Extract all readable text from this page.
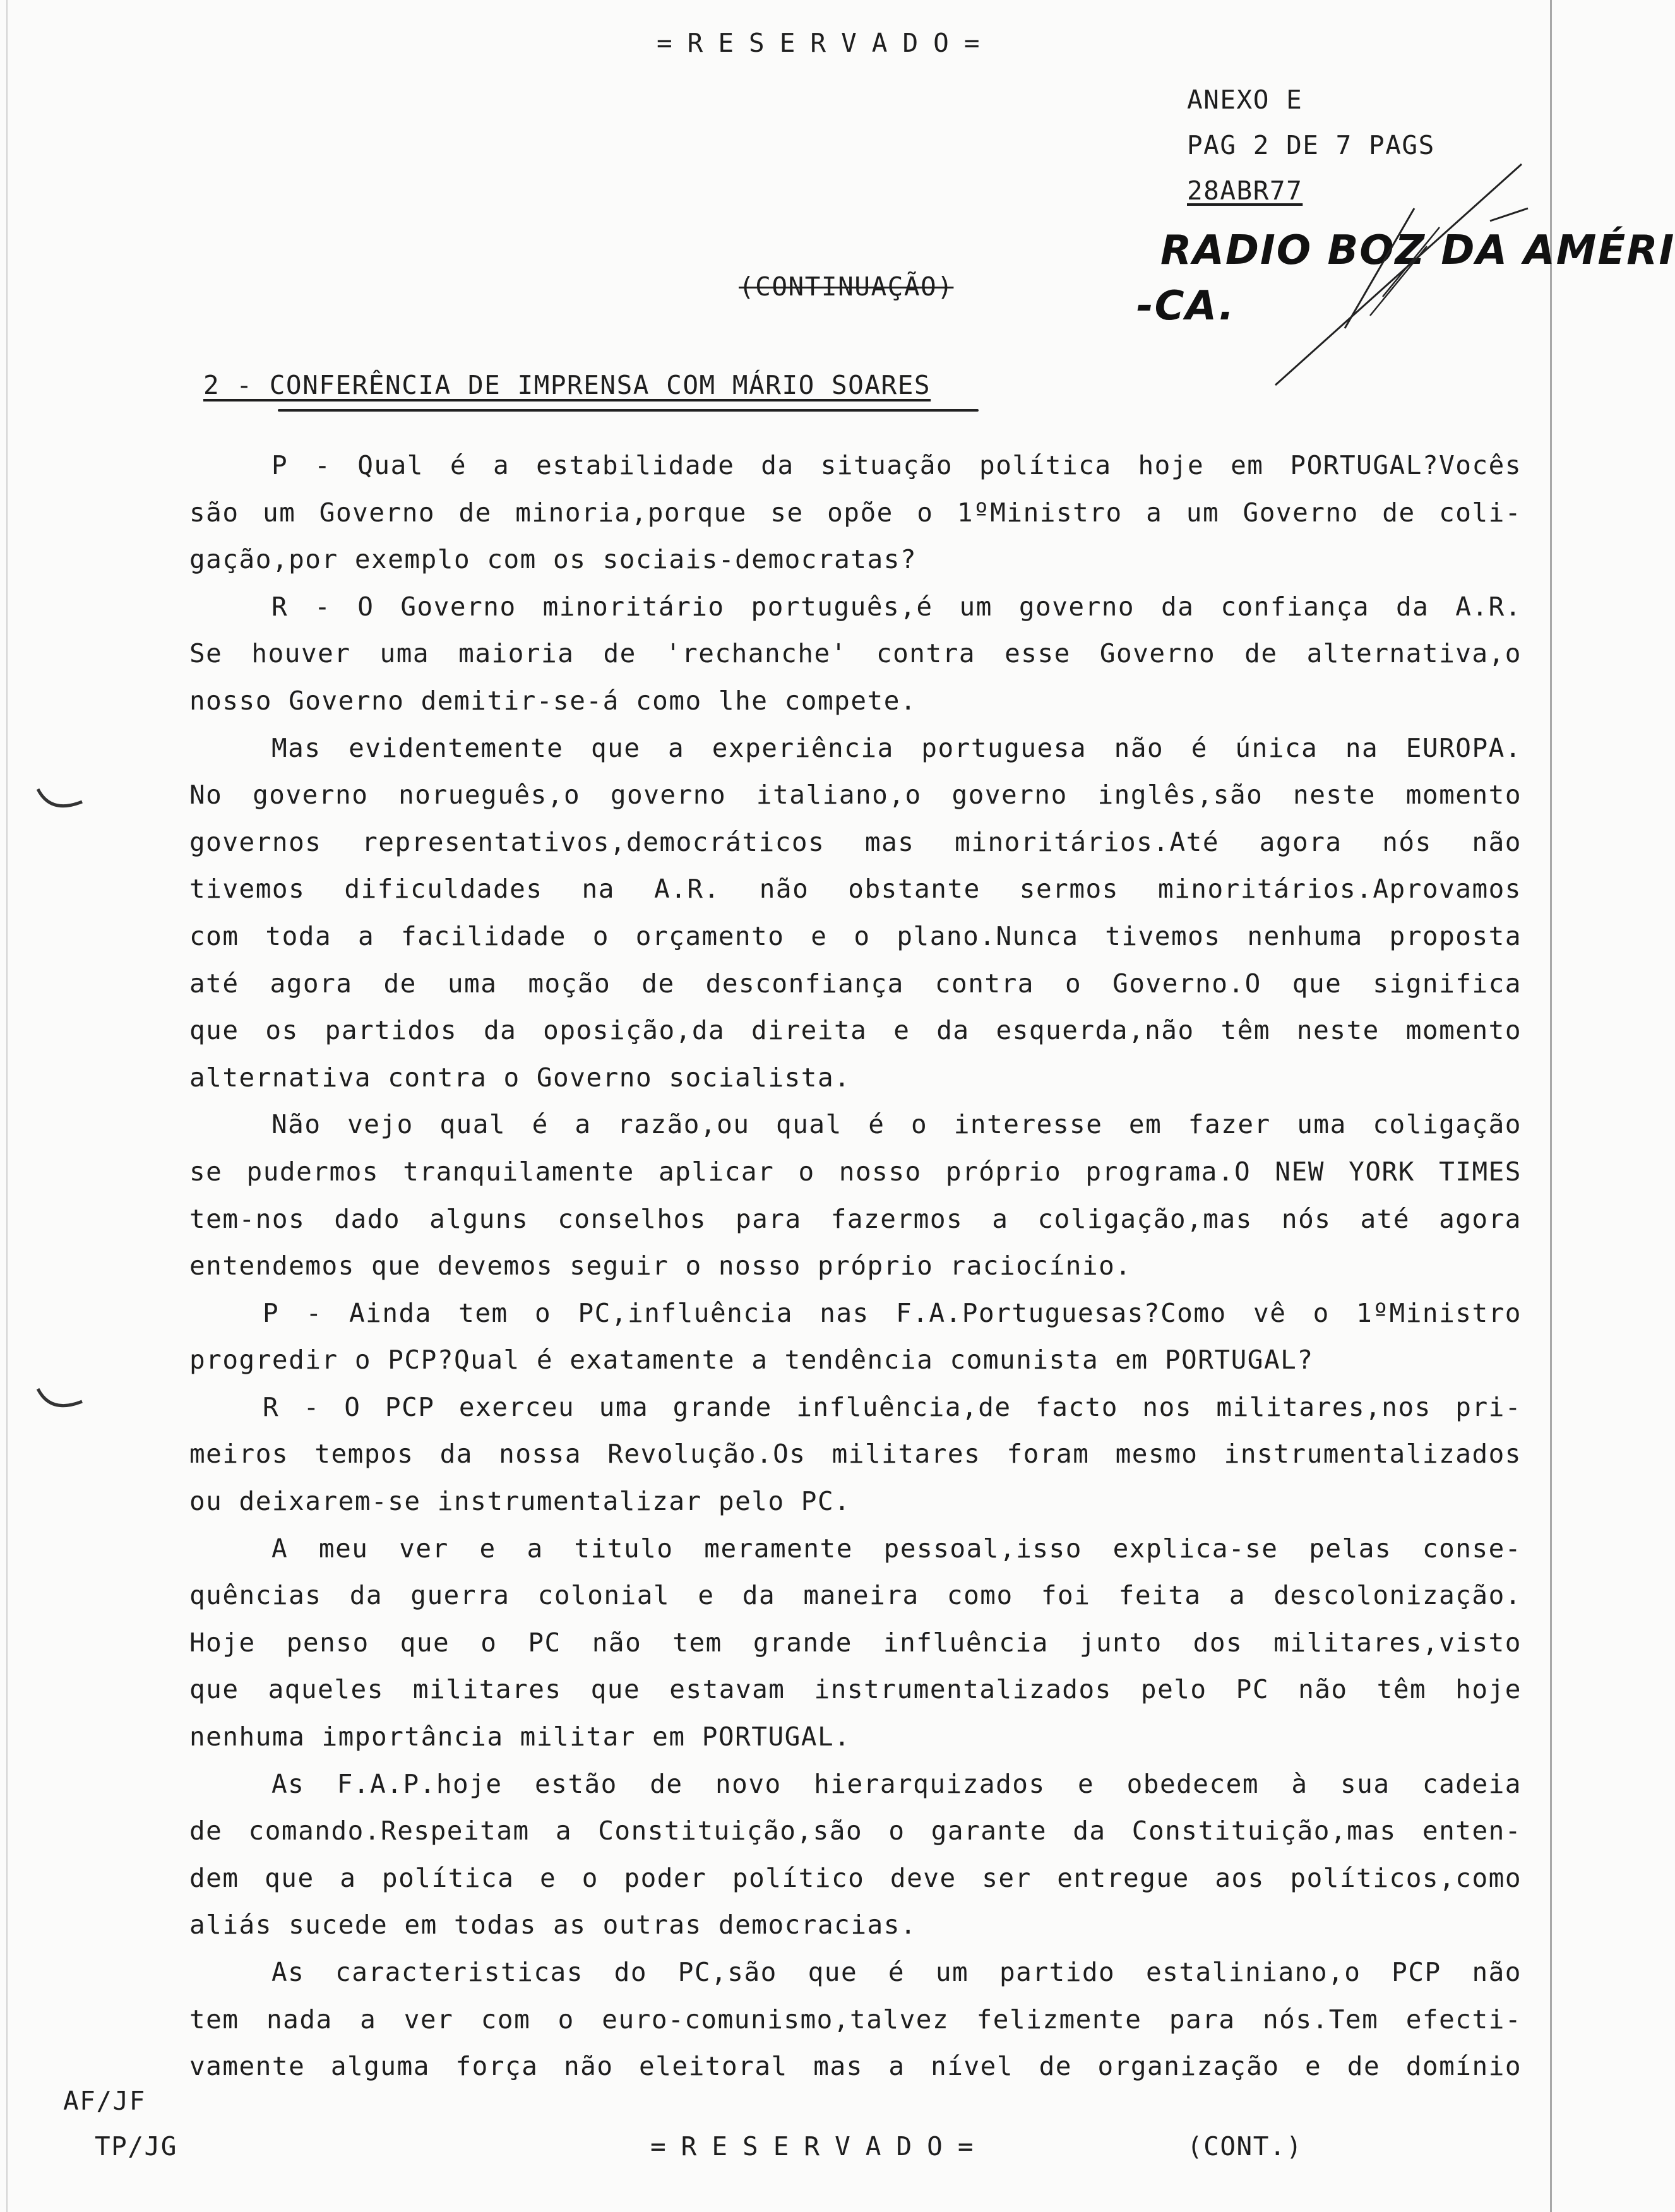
=RESERVADO=
ANEXO E
PAG 2 DE 7 PAGS
28ABR77
RADIO BOZ DA AMÉRI
-CA.
(CONTINUAÇÃO)
2 - CONFERÊNCIA DE IMPRENSA COM MÁRIO SOARES
P - Qual é a estabilidade da situação política hoje em PORTUGAL?Vocês
são um Governo de minoria,porque se opõe o 1ºMinistro a um Governo de coli-
gação,por exemplo com os sociais-democratas?
R - O Governo minoritário português,é um governo da confiança da A.R.
Se houver uma maioria de 'rechanche' contra esse Governo de alternativa,o
nosso Governo demitir-se-á como lhe compete.
Mas evidentemente que a experiência portuguesa não é única na EUROPA.
No governo norueguês,o governo italiano,o governo inglês,são neste momento
governos representativos,democráticos mas minoritários.Até agora nós não
tivemos dificuldades na A.R. não obstante sermos minoritários.Aprovamos
com toda a facilidade o orçamento e o plano.Nunca tivemos nenhuma proposta
até agora de uma moção de desconfiança contra o Governo.O que significa
que os partidos da oposição,da direita e da esquerda,não têm neste momento
alternativa contra o Governo socialista.
Não vejo qual é a razão,ou qual é o interesse em fazer uma coligação
se pudermos tranquilamente aplicar o nosso próprio programa.O NEW YORK TIMES
tem-nos dado alguns conselhos para fazermos a coligação,mas nós até agora
entendemos que devemos seguir o nosso próprio raciocínio.
P - Ainda tem o PC,influência nas F.A.Portuguesas?Como vê o 1ºMinistro
progredir o PCP?Qual é exatamente a tendência comunista em PORTUGAL?
R - O PCP exerceu uma grande influência,de facto nos militares,nos pri-
meiros tempos da nossa Revolução.Os militares foram mesmo instrumentalizados
ou deixarem-se instrumentalizar pelo PC.
A meu ver e a titulo meramente pessoal,isso explica-se pelas conse-
quências da guerra colonial e da maneira como foi feita a descolonização.
Hoje penso que o PC não tem grande influência junto dos militares,visto
que aqueles militares que estavam instrumentalizados pelo PC não têm hoje
nenhuma importância militar em PORTUGAL.
As F.A.P.hoje estão de novo hierarquizados e obedecem à sua cadeia
de comando.Respeitam a Constituição,são o garante da Constituição,mas enten-
dem que a política e o poder político deve ser entregue aos políticos,como
aliás sucede em todas as outras democracias.
As caracteristicas do PC,são que é um partido estaliniano,o PCP não
tem nada a ver com o euro-comunismo,talvez felizmente para nós.Tem efecti-
vamente alguma força não eleitoral mas a nível de organização e de domínio
AF/JF
TP/JG	=RESERVADO=	(CONT.)
